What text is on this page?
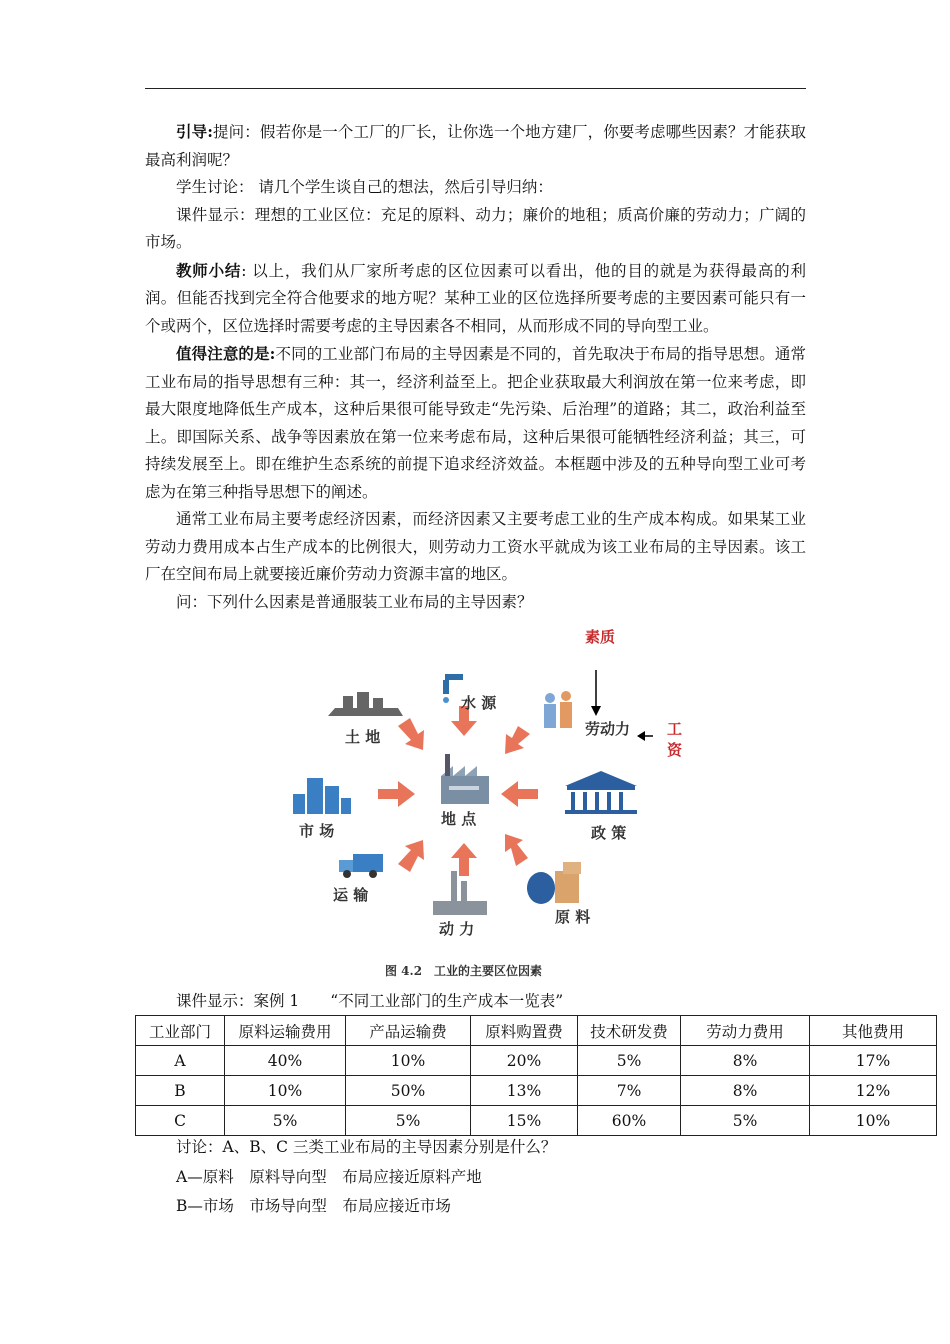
引导:提问：假若你是一个工厂的厂长，让你选一个地方建厂，你要考虑哪些因素？才能获取最高利润呢？

学生讨论： 请几个学生谈自己的想法，然后引导归纳：

课件显示：理想的工业区位：充足的原料、动力；廉价的地租；质高价廉的劳动力；广阔的市场。

教师小结: 以上，我们从厂家所考虑的区位因素可以看出，他的目的就是为获得最高的利润。但能否找到完全符合他要求的地方呢？某种工业的区位选择所要考虑的主要因素可能只有一个或两个，区位选择时需要考虑的主导因素各不相同，从而形成不同的导向型工业。

值得注意的是:不同的工业部门布局的主导因素是不同的，首先取决于布局的指导思想。通常工业布局的指导思想有三种：其一，经济利益至上。把企业获取最大利润放在第一位来考虑，即最大限度地降低生产成本，这种后果很可能导致走“先污染、后治理”的道路；其二，政治利益至上。即国际关系、战争等因素放在第一位来考虑布局，这种后果很可能牺牲经济利益；其三，可持续发展至上。即在维护生态系统的前提下追求经济效益。本框题中涉及的五种导向型工业可考虑为在第三种指导思想下的阐述。

通常工业布局主要考虑经济因素，而经济因素又主要考虑工业的生产成本构成。如果某工业劳动力费用成本占生产成本的比例很大，则劳动力工资水平就成为该工业布局的主导因素。该工厂在空间布局上就要接近廉价劳动力资源丰富的地区。

问：下列什么因素是普通服装工业布局的主导因素？

素质
劳动力 工资
水 源
土 地
地 点
市 场	政 策
运 输
原 料
动 力
图 4.2　工业的主要区位因素
课件显示：案例 1　　“不同工业部门的生产成本一览表”
工业部门	原料运输费用	产品运输费	原料购置费	技术研发费	劳动力费用	其他费用
A	40%	10%	20%	5%	8%	17%
B	10%	50%	13%	7%	8%	12%
C	5%	5%	15%	60%	5%	10%

讨论：A、B、C 三类工业布局的主导因素分别是什么？

A—原料　原料导向型　布局应接近原料产地

B—市场　市场导向型　布局应接近市场
